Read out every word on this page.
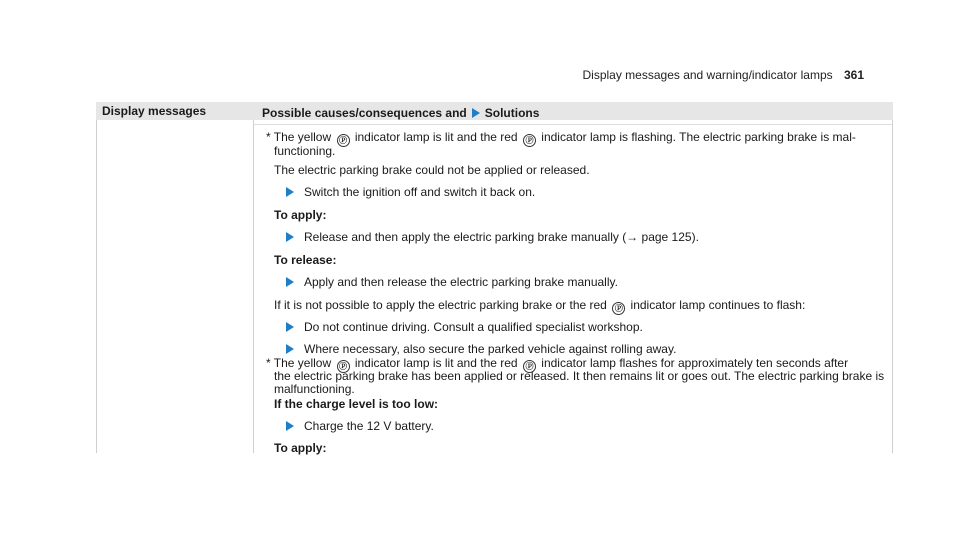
Display messages and warning/indicator lamps 361
Display messages	Possible causes/consequences and Solutions
* The yellow Ⓟ indicator lamp is lit and the red Ⓟ indicator lamp is flashing. The electric parking brake is mal-
functioning.
The electric parking brake could not be applied or released.
Switch the ignition off and switch it back on.
To apply:
Release and then apply the electric parking brake manually (→ page 125).
To release:
Apply and then release the electric parking brake manually.
If it is not possible to apply the electric parking brake or the red Ⓟ indicator lamp continues to flash:
Do not continue driving. Consult a qualified specialist workshop.
Where necessary, also secure the parked vehicle against rolling away.
* The yellow Ⓟ indicator lamp is lit and the red Ⓟ indicator lamp flashes for approximately ten seconds after
the electric parking brake has been applied or released. It then remains lit or goes out. The electric parking brake is
malfunctioning.
If the charge level is too low:
Charge the 12 V battery.
To apply:
